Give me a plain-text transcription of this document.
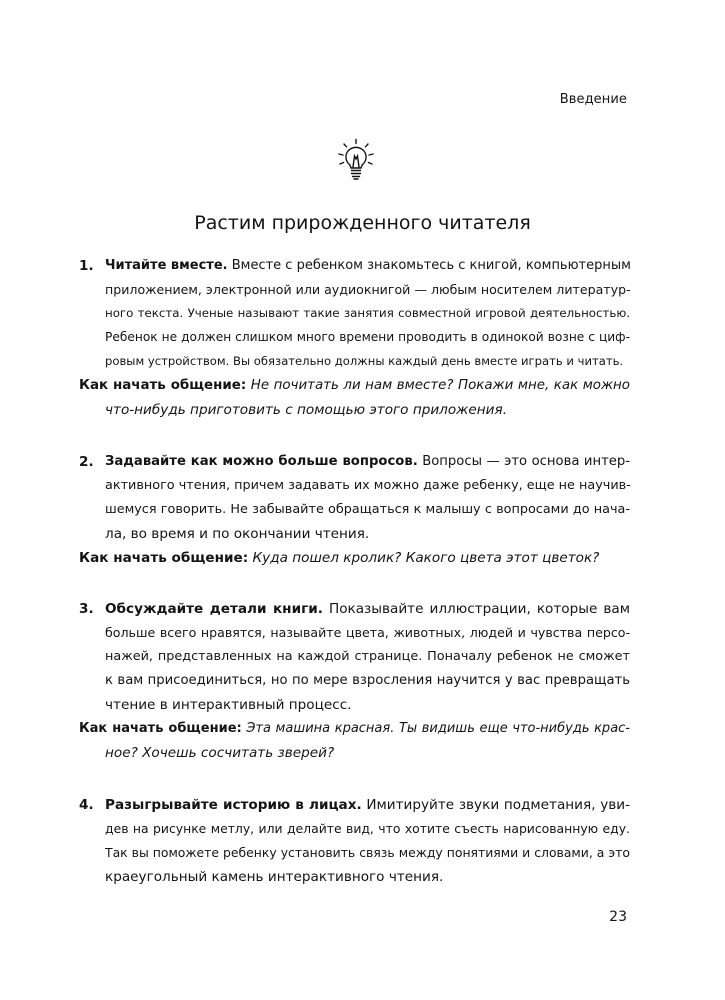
Введение
Растим прирожденного читателя
1. Читайте вместе. Вместе с ребенком знакомьтесь с книгой, компьютерным
приложением, электронной или аудиокнигой — любым носителем литератур-
ного текста. Ученые называют такие занятия совместной игровой деятельностью.
Ребенок не должен слишком много времени проводить в одинокой возне с циф-
ровым устройством. Вы обязательно должны каждый день вместе играть и читать.
Как начать общение: Не почитать ли нам вместе? Покажи мне, как можно
что-нибудь приготовить с помощью этого приложения.
2. Задавайте как можно больше вопросов. Вопросы — это основа интер-
активного чтения, причем задавать их можно даже ребенку, еще не научив-
шемуся говорить. Не забывайте обращаться к малышу с вопросами до нача-
ла, во время и по окончании чтения.
Как начать общение: Куда пошел кролик? Какого цвета этот цветок?
3. Обсуждайте детали книги. Показывайте иллюстрации, которые вам
больше всего нравятся, называйте цвета, животных, людей и чувства персо-
нажей, представленных на каждой странице. Поначалу ребенок не сможет
к вам присоединиться, но по мере взросления научится у вас превращать
чтение в интерактивный процесс.
Как начать общение: Эта машина красная. Ты видишь еще что-нибудь крас-
ное? Хочешь сосчитать зверей?
4. Разыгрывайте историю в лицах. Имитируйте звуки подметания, уви-
дев на рисунке метлу, или делайте вид, что хотите съесть нарисованную еду.
Так вы поможете ребенку установить связь между понятиями и словами, а это
краеугольный камень интерактивного чтения.
23
